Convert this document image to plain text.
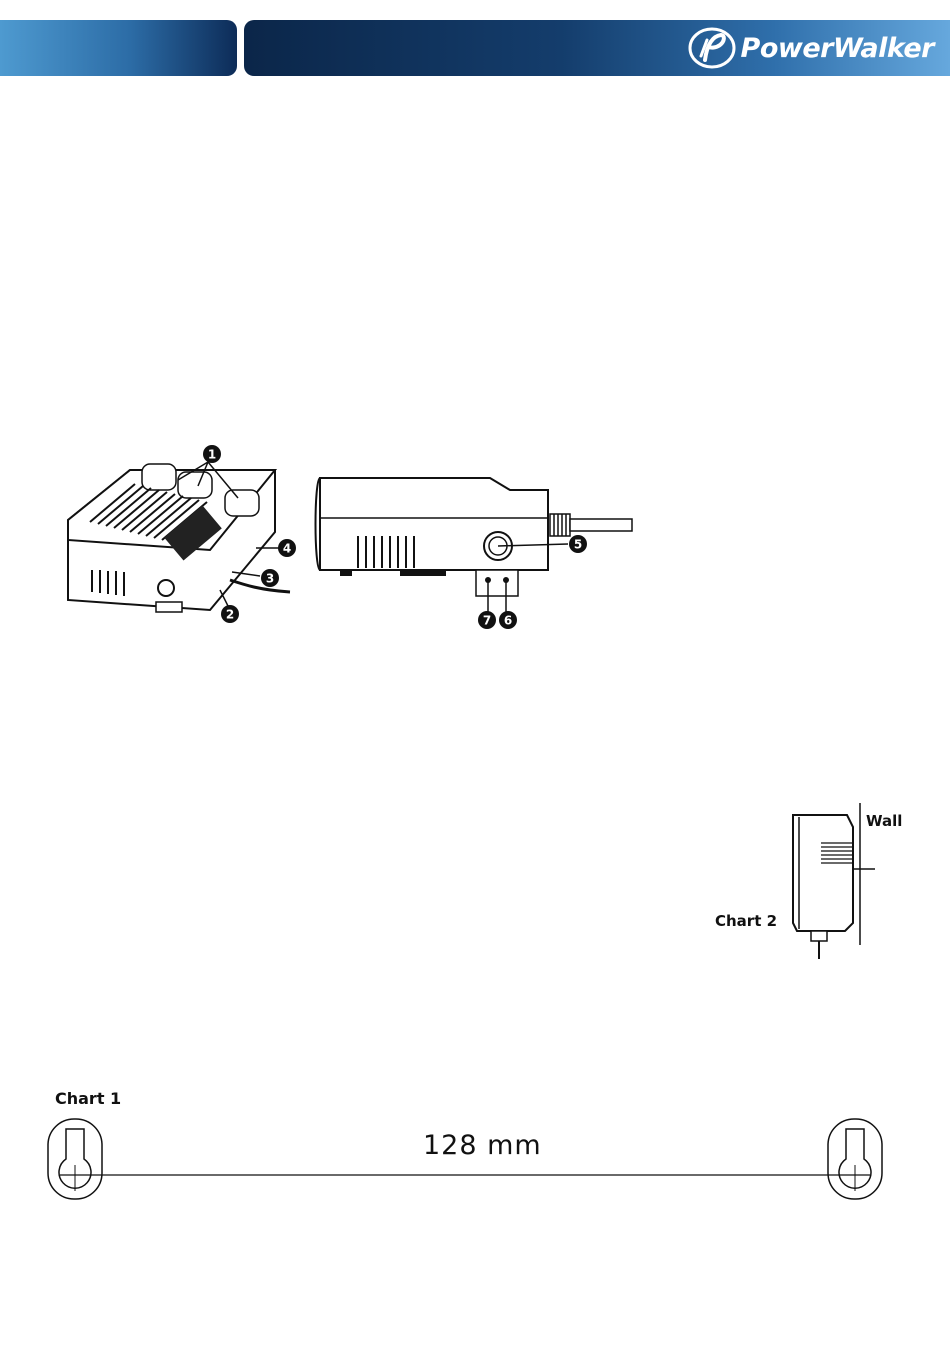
PowerWalker
1
2
3
4	5
6
7
Wall
Chart 2
Chart 1
128 mm
